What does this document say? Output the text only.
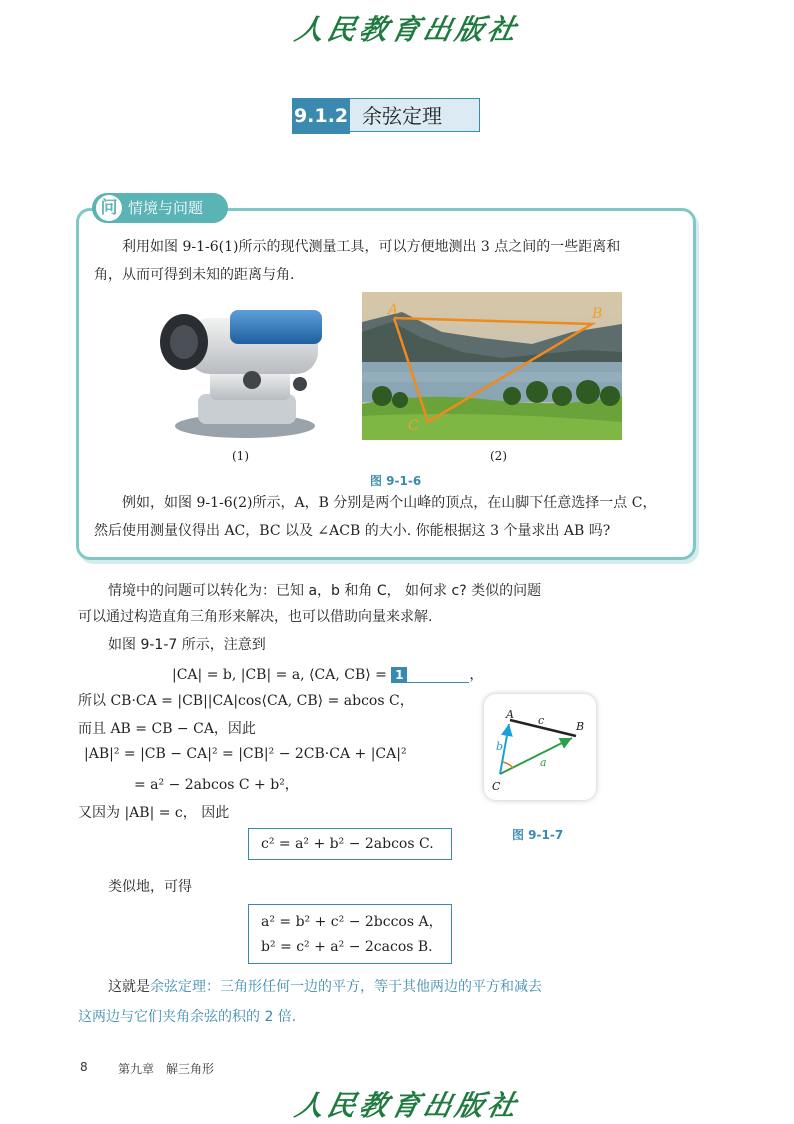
人民教育出版社
9.1.2 余弦定理
问 情境与问题
利用如图 9-1-6(1)所示的现代测量工具，可以方便地测出 3 点之间的一些距离和
角，从而可得到未知的距离与角.
A	B
C
(1)	(2)
图 9-1-6
例如，如图 9-1-6(2)所示，A，B 分别是两个山峰的顶点，在山脚下任意选择一点 C，
然后使用测量仪得出 AC，BC 以及 ∠ACB 的大小. 你能根据这 3 个量求出 AB 吗?
情境中的问题可以转化为：已知 a，b 和角 C， 如何求 c? 类似的问题
可以通过构造直角三角形来解决，也可以借助向量来求解.
如图 9-1-7 所示，注意到
|CA| = b, |CB| = a, ⟨CA, CB⟩ = 1	，
所以 CB·CA = |CB||CA|cos⟨CA, CB⟩ = abcos C，
而且 AB = CB − CA，因此
|AB|² = |CB − CA|² = |CB|² − 2CB·CA + |CA|²
= a² − 2abcos C + b²，
又因为 |AB| = c， 因此
c² = a² + b² − 2abcos C.
类似地，可得
a² = b² + c² − 2bccos A，
b² = c² + a² − 2cacos B.
这就是余弦定理：三角形任何一边的平方，等于其他两边的平方和减去
这两边与它们夹角余弦的积的 2 倍.
A
B
C
c
b
a
图 9-1-7
8	第九章　解三角形
人民教育出版社
